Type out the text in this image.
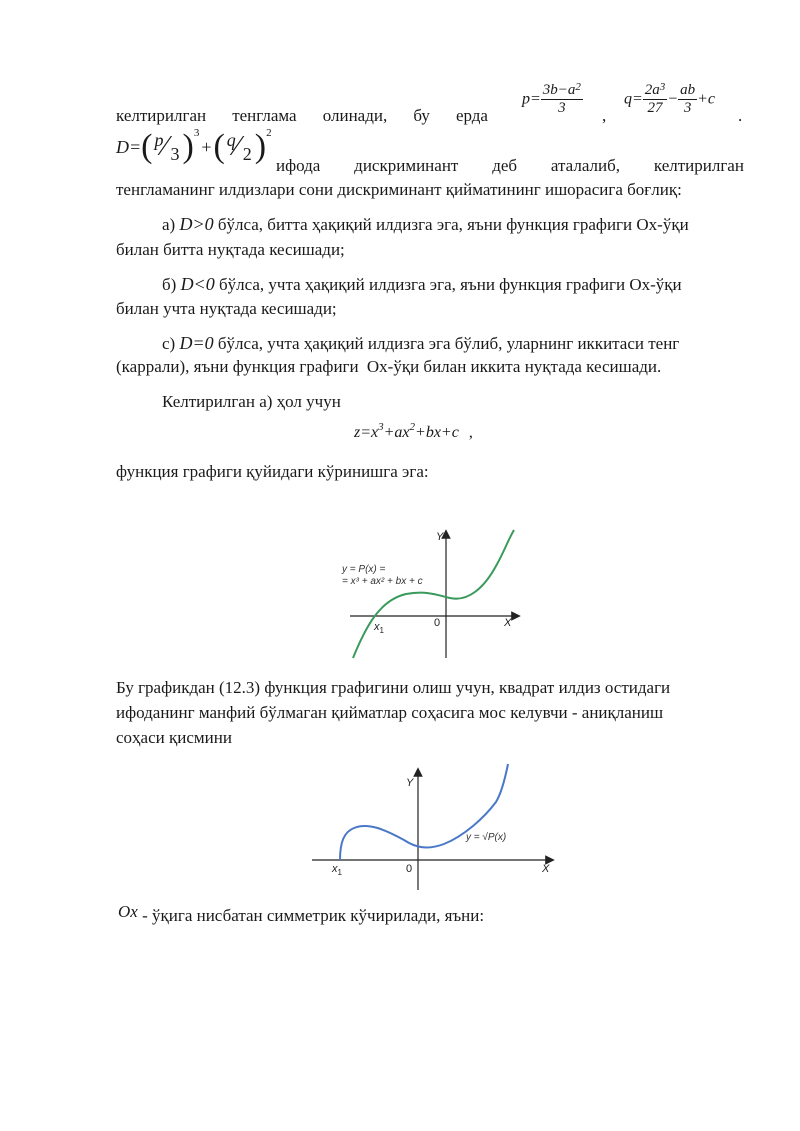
келтирилган тенглама олинади, бу ерда
$p= \frac{3b-a^2}{3}$ ,
$q= \frac{2a^3}{27} - \frac{ab}{3} +c$
.
D= ( p ⁄ 3 )$^3$
+ ( q ⁄ 2 )$^2$
ифода дискриминант деб аталалиб, келтирилган
тенгламанинг илдизлари сони дискриминант қийматининг ишорасига боғлиқ:
а) D>0 бўлса, битта ҳақиқий илдизга эга, яъни функция графиги Ox-ўқи
билан битта нуқтада кесишади;
б) D<0 бўлса, учта ҳақиқий илдизга эга, яъни функция графиги Ox-ўқи
билан учта нуқтада кесишади;
с) D=0 бўлса, учта ҳақиқий илдизга эга бўлиб, уларнинг иккитаси тенг
(каррали), яъни функция графиги Ox-ўқи билан иккита нуқтада кесишади.
Келтирилган а) ҳол учун
$z=x^3+ax^2+bx+c$ ,
функция графиги қуйидаги кўринишга эга:
Y
X
0
$x_1$
y = P(x) =
= x³ + ax² + bx + c
Бу графикдан (12.3) функция графигини олиш учун, квадрат илдиз остидаги
ифоданинг манфий бўлмаган қийматлар соҳасига мос келувчи - аниқланиш
соҳаси қисмини
Y
X
0
$x_1$
y = √P(x)
Ox - ўқига нисбатан симметрик кўчирилади, яъни:
